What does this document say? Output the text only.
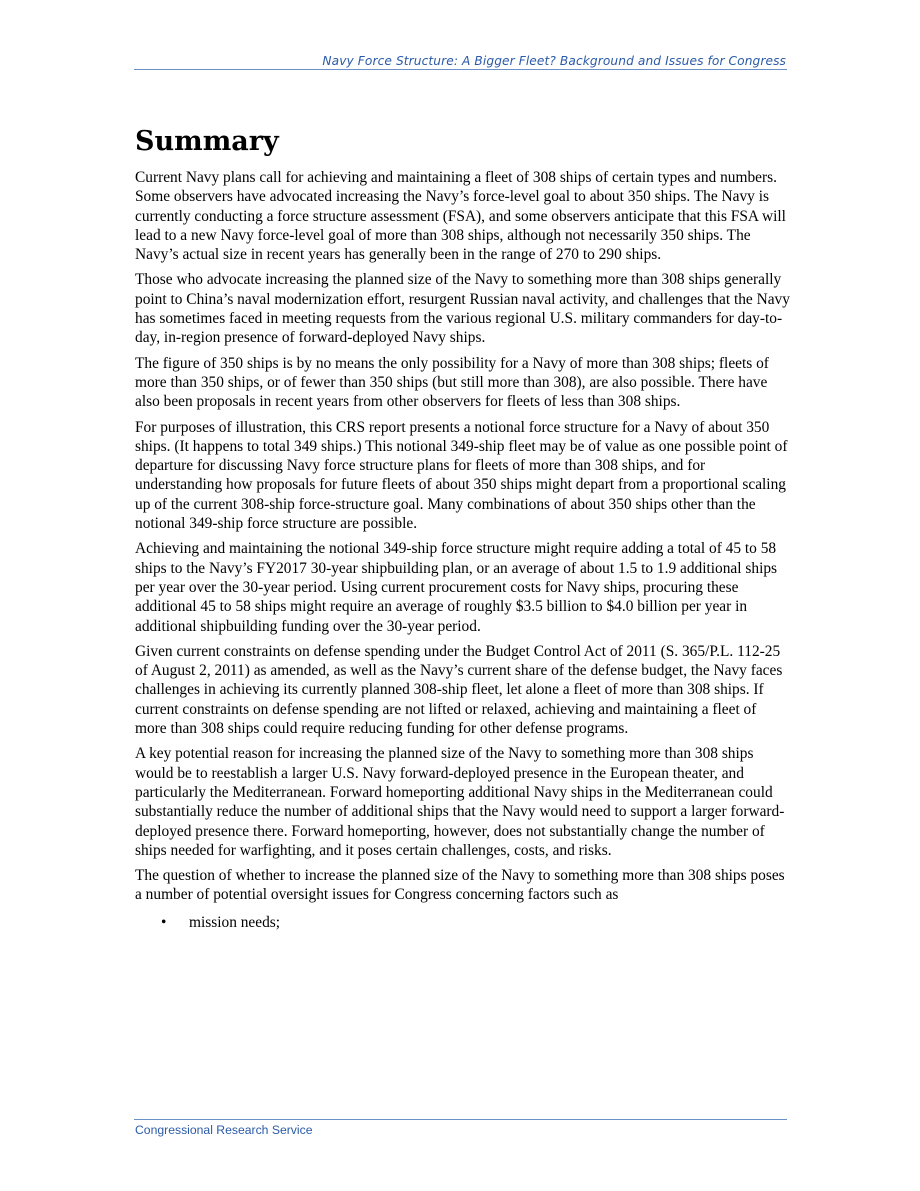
Navy Force Structure: A Bigger Fleet? Background and Issues for Congress
Summary

Current Navy plans call for achieving and maintaining a fleet of 308 ships of certain types and numbers. Some observers have advocated increasing the Navy’s force-level goal to about 350 ships. The Navy is currently conducting a force structure assessment (FSA), and some observers anticipate that this FSA will lead to a new Navy force-level goal of more than 308 ships, although not necessarily 350 ships. The Navy’s actual size in recent years has generally been in the range of 270 to 290 ships.

Those who advocate increasing the planned size of the Navy to something more than 308 ships generally point to China’s naval modernization effort, resurgent Russian naval activity, and challenges that the Navy has sometimes faced in meeting requests from the various regional U.S. military commanders for day-to-day, in-region presence of forward-deployed Navy ships.

The figure of 350 ships is by no means the only possibility for a Navy of more than 308 ships; fleets of more than 350 ships, or of fewer than 350 ships (but still more than 308), are also possible. There have also been proposals in recent years from other observers for fleets of less than 308 ships.

For purposes of illustration, this CRS report presents a notional force structure for a Navy of about 350 ships. (It happens to total 349 ships.) This notional 349-ship fleet may be of value as one possible point of departure for discussing Navy force structure plans for fleets of more than 308 ships, and for understanding how proposals for future fleets of about 350 ships might depart from a proportional scaling up of the current 308-ship force-structure goal. Many combinations of about 350 ships other than the notional 349-ship force structure are possible.

Achieving and maintaining the notional 349-ship force structure might require adding a total of 45 to 58 ships to the Navy’s FY2017 30-year shipbuilding plan, or an average of about 1.5 to 1.9 additional ships per year over the 30-year period. Using current procurement costs for Navy ships, procuring these additional 45 to 58 ships might require an average of roughly $3.5 billion to $4.0 billion per year in additional shipbuilding funding over the 30-year period.

Given current constraints on defense spending under the Budget Control Act of 2011 (S. 365/P.L. 112-25 of August 2, 2011) as amended, as well as the Navy’s current share of the defense budget, the Navy faces challenges in achieving its currently planned 308-ship fleet, let alone a fleet of more than 308 ships. If current constraints on defense spending are not lifted or relaxed, achieving and maintaining a fleet of more than 308 ships could require reducing funding for other defense programs.

A key potential reason for increasing the planned size of the Navy to something more than 308 ships would be to reestablish a larger U.S. Navy forward-deployed presence in the European theater, and particularly the Mediterranean. Forward homeporting additional Navy ships in the Mediterranean could substantially reduce the number of additional ships that the Navy would need to support a larger forward-deployed presence there. Forward homeporting, however, does not substantially change the number of ships needed for warfighting, and it poses certain challenges, costs, and risks.

The question of whether to increase the planned size of the Navy to something more than 308 ships poses a number of potential oversight issues for Congress concerning factors such as

• mission needs;
Congressional Research Service
